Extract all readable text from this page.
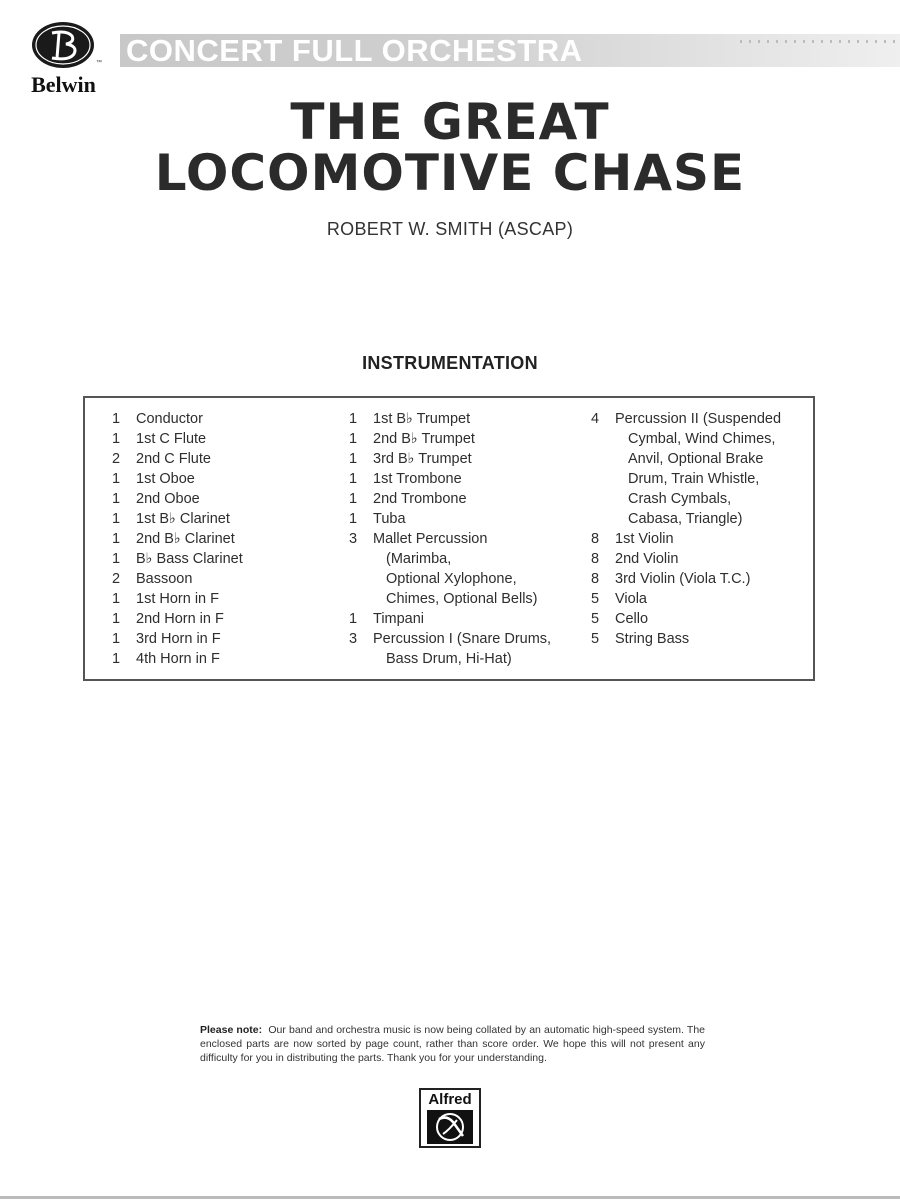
™
Belwin
CONCERT FULL ORCHESTRA
THE GREAT
LOCOMOTIVE CHASE
ROBERT W. SMITH (ASCAP)
INSTRUMENTATION
1	Conductor
1	1st C Flute
2	2nd C Flute
1	1st Oboe
1	2nd Oboe
1	1st B♭ Clarinet
1	2nd B♭ Clarinet
1	B♭ Bass Clarinet
2	Bassoon
1	1st Horn in F
1	2nd Horn in F
1	3rd Horn in F
1	4th Horn in F
1	1st B♭ Trumpet
1	2nd B♭ Trumpet
1	3rd B♭ Trumpet
1	1st Trombone
1	2nd Trombone
1	Tuba
3	Mallet Percussion
(Marimba,
Optional Xylophone,
Chimes, Optional Bells)
1	Timpani
3	Percussion I (Snare Drums,
Bass Drum, Hi-Hat)
4	Percussion II (Suspended
Cymbal, Wind Chimes,
Anvil, Optional Brake
Drum, Train Whistle,
Crash Cymbals,
Cabasa, Triangle)
8	1st Violin
8	2nd Violin
8	3rd Violin (Viola T.C.)
5	Viola
5	Cello
5	String Bass
Please note: Our band and orchestra music is now being collated by an automatic high-speed system. The enclosed parts are now sorted by page count, rather than score order. We hope this will not present any difficulty for you in distributing the parts. Thank you for your understanding.
Alfred
